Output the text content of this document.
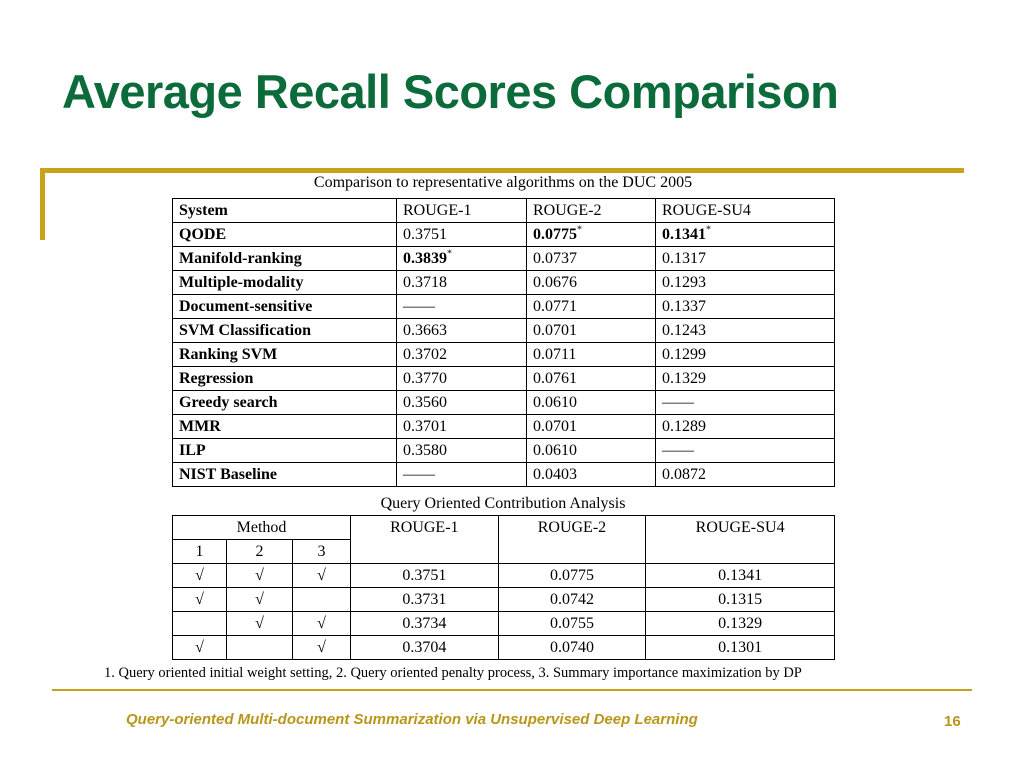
Average Recall Scores Comparison
Comparison to representative algorithms on the DUC 2005
System	ROUGE-1	ROUGE-2	ROUGE-SU4
QODE	0.3751	0.0775*	0.1341*
Manifold-ranking	0.3839*	0.0737	0.1317
Multiple-modality	0.3718	0.0676	0.1293
Document-sensitive	——	0.0771	0.1337
SVM Classification	0.3663	0.0701	0.1243
Ranking SVM	0.3702	0.0711	0.1299
Regression	0.3770	0.0761	0.1329
Greedy search	0.3560	0.0610	——
MMR	0.3701	0.0701	0.1289
ILP	0.3580	0.0610	——
NIST Baseline	——	0.0403	0.0872
Query Oriented Contribution Analysis
Method			ROUGE-1	ROUGE-2	ROUGE-SU4
1	2	3			
√	√	√	0.3751	0.0775	0.1341
√	√		0.3731	0.0742	0.1315
	√	√	0.3734	0.0755	0.1329
√		√	0.3704	0.0740	0.1301
1. Query oriented initial weight setting, 2. Query oriented penalty process, 3. Summary importance maximization by DP
Query-oriented Multi-document Summarization via Unsupervised Deep Learning	16
